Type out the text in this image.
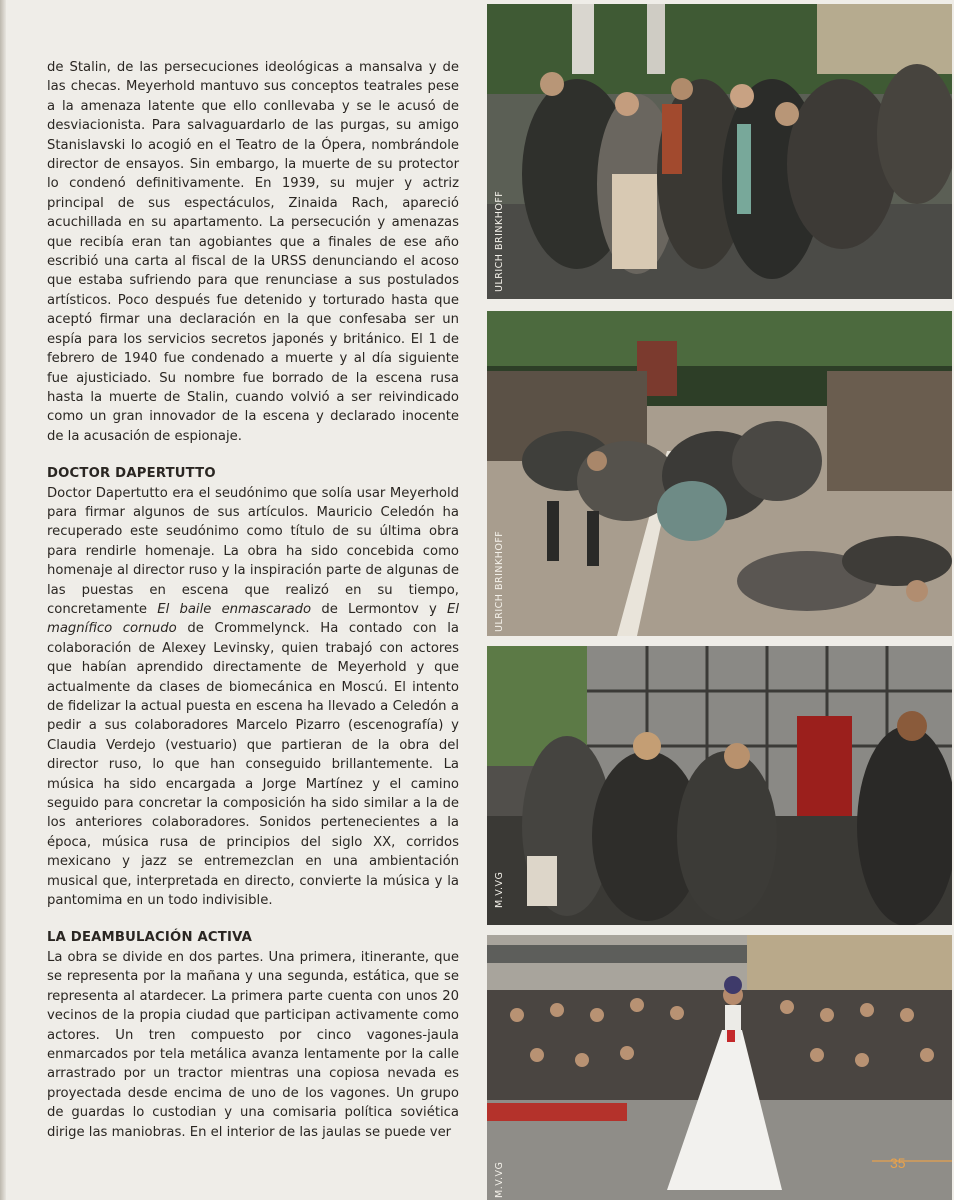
de Stalin, de las persecuciones ideológicas a mansalva y de las checas. Meyerhold mantuvo sus conceptos teatrales pese a la amenaza latente que ello conllevaba y se le acusó de desviacionista. Para salvaguardarlo de las purgas, su amigo Stanislavski lo acogió en el Teatro de la Ópera, nombrándole director de ensayos. Sin embargo, la muerte de su protector lo condenó definitivamente. En 1939, su mujer y actriz principal de sus espectáculos, Zinaida Rach, apareció acuchillada en su apartamento. La persecución y amenazas que recibía eran tan agobiantes que a finales de ese año escribió una carta al fiscal de la URSS denunciando el acoso que estaba sufriendo para que renunciase a sus postulados artísticos. Poco después fue detenido y torturado hasta que aceptó firmar una declaración en la que confesaba ser un espía para los servicios secretos japonés y británico. El 1 de febrero de 1940 fue condenado a muerte y al día siguiente fue ajusticiado. Su nombre fue borrado de la escena rusa hasta la muerte de Stalin, cuando volvió a ser reivindicado como un gran innovador de la escena y declarado inocente de la acusación de espionaje.

DOCTOR DAPERTUTTO

Doctor Dapertutto era el seudónimo que solía usar Meyerhold para firmar algunos de sus artículos. Mauricio Celedón ha recuperado este seudónimo como título de su última obra para rendirle homenaje. La obra ha sido concebida como homenaje al director ruso y la inspiración parte de algunas de las puestas en escena que realizó en su tiempo, concretamente El baile enmascarado de Lermontov y El magnífico cornudo de Crommelynck. Ha contado con la colaboración de Alexey Levinsky, quien trabajó con actores que habían aprendido directamente de Meyerhold y que actualmente da clases de biomecánica en Moscú. El intento de fidelizar la actual puesta en escena ha llevado a Celedón a pedir a sus colaboradores Marcelo Pizarro (escenografía) y Claudia Verdejo (vestuario) que partieran de la obra del director ruso, lo que han conseguido brillantemente. La música ha sido encargada a Jorge Martínez y el camino seguido para concretar la composición ha sido similar a la de los anteriores colaboradores. Sonidos pertenecientes a la época, música rusa de principios del siglo XX, corridos mexicano y jazz se entremezclan en una ambientación musical que, interpretada en directo, convierte la música y la pantomima en un todo indivisible.

LA DEAMBULACIÓN ACTIVA

La obra se divide en dos partes. Una primera, itinerante, que se representa por la mañana y una segunda, estática, que se representa al atardecer. La primera parte cuenta con unos 20 vecinos de la propia ciudad que participan activamente como actores. Un tren compuesto por cinco vagones-jaula enmarcados por tela metálica avanza lentamente por la calle arrastrado por un tractor mientras una copiosa nevada es proyectada desde encima de uno de los vagones. Un grupo de guardas lo custodian y una comisaria política soviética dirige las maniobras. En el interior de las jaulas se puede ver

ULRICH BRINKHOFF
ULRICH BRINKHOFF
M.V.VG
M.V.VG	35
